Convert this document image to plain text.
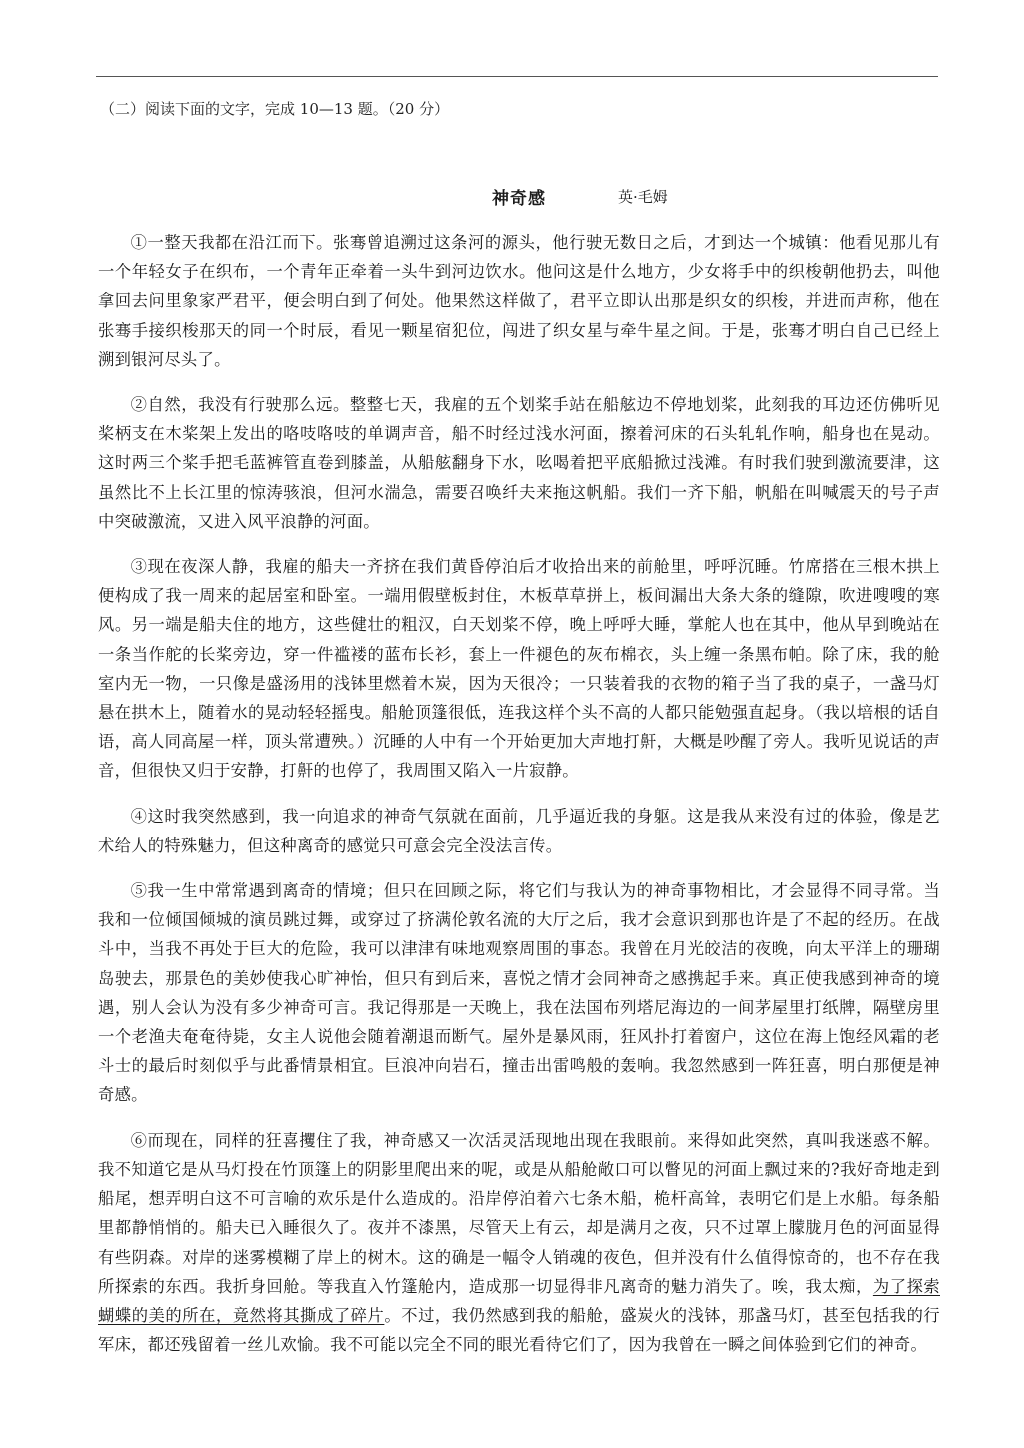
（二）阅读下面的文字，完成 10—13 题。（20 分）
神奇感	英·毛姆

①一整天我都在沿江而下。张骞曾追溯过这条河的源头，他行驶无数日之后，才到达一个城镇：他看见那儿有一个年轻女子在织布，一个青年正牵着一头牛到河边饮水。他问这是什么地方，少女将手中的织梭朝他扔去，叫他拿回去问里象家严君平，便会明白到了何处。他果然这样做了，君平立即认出那是织女的织梭，并进而声称，他在张骞手接织梭那天的同一个时辰，看见一颗星宿犯位，闯进了织女星与牵牛星之间。于是，张骞才明白自己已经上溯到银河尽头了。

②自然，我没有行驶那么远。整整七天，我雇的五个划桨手站在船舷边不停地划桨，此刻我的耳边还仿佛听见桨柄支在木桨架上发出的咯吱咯吱的单调声音，船不时经过浅水河面，擦着河床的石头轧轧作响，船身也在晃动。这时两三个桨手把毛蓝裤管直卷到膝盖，从船舷翻身下水，吆喝着把平底船掀过浅滩。有时我们驶到激流要津，这虽然比不上长江里的惊涛骇浪，但河水湍急，需要召唤纤夫来拖这帆船。我们一齐下船，帆船在叫喊震天的号子声中突破激流，又进入风平浪静的河面。

③现在夜深人静，我雇的船夫一齐挤在我们黄昏停泊后才收拾出来的前舱里，呼呼沉睡。竹席搭在三根木拱上便构成了我一周来的起居室和卧室。一端用假壁板封住，木板草草拼上，板间漏出大条大条的缝隙，吹进嗖嗖的寒风。另一端是船夫住的地方，这些健壮的粗汉，白天划桨不停，晚上呼呼大睡，掌舵人也在其中，他从早到晚站在一条当作舵的长桨旁边，穿一件褴褛的蓝布长衫，套上一件褪色的灰布棉衣，头上缠一条黑布帕。除了床，我的舱室内无一物，一只像是盛汤用的浅钵里燃着木炭，因为天很冷；一只装着我的衣物的箱子当了我的桌子，一盏马灯悬在拱木上，随着水的晃动轻轻摇曳。船舱顶篷很低，连我这样个头不高的人都只能勉强直起身。（我以培根的话自语，高人同高屋一样，顶头常遭殃。）沉睡的人中有一个开始更加大声地打鼾，大概是吵醒了旁人。我听见说话的声音，但很快又归于安静，打鼾的也停了，我周围又陷入一片寂静。

④这时我突然感到，我一向追求的神奇气氛就在面前，几乎逼近我的身躯。这是我从来没有过的体验，像是艺术给人的特殊魅力，但这种离奇的感觉只可意会完全没法言传。

⑤我一生中常常遇到离奇的情境；但只在回顾之际，将它们与我认为的神奇事物相比，才会显得不同寻常。当我和一位倾国倾城的演员跳过舞，或穿过了挤满伦敦名流的大厅之后，我才会意识到那也许是了不起的经历。在战斗中，当我不再处于巨大的危险，我可以津津有味地观察周围的事态。我曾在月光皎洁的夜晚，向太平洋上的珊瑚岛驶去，那景色的美妙使我心旷神怡，但只有到后来，喜悦之情才会同神奇之感携起手来。真正使我感到神奇的境遇，别人会认为没有多少神奇可言。我记得那是一天晚上，我在法国布列塔尼海边的一间茅屋里打纸牌，隔壁房里一个老渔夫奄奄待毙，女主人说他会随着潮退而断气。屋外是暴风雨，狂风扑打着窗户，这位在海上饱经风霜的老斗士的最后时刻似乎与此番情景相宜。巨浪冲向岩石，撞击出雷鸣般的轰响。我忽然感到一阵狂喜，明白那便是神奇感。

⑥而现在，同样的狂喜攫住了我，神奇感又一次活灵活现地出现在我眼前。来得如此突然，真叫我迷惑不解。我不知道它是从马灯投在竹顶篷上的阴影里爬出来的呢，或是从船舱敞口可以瞥见的河面上飘过来的?我好奇地走到船尾，想弄明白这不可言喻的欢乐是什么造成的。沿岸停泊着六七条木船，桅杆高耸，表明它们是上水船。每条船里都静悄悄的。船夫已入睡很久了。夜并不漆黑，尽管天上有云，却是满月之夜，只不过罩上朦胧月色的河面显得有些阴森。对岸的迷雾模糊了岸上的树木。这的确是一幅令人销魂的夜色，但并没有什么值得惊奇的，也不存在我所探索的东西。我折身回舱。等我直入竹篷舱内，造成那一切显得非凡离奇的魅力消失了。唉，我太痴，为了探索蝴蝶的美的所在，竟然将其撕成了碎片。不过，我仍然感到我的船舱，盛炭火的浅钵，那盏马灯，甚至包括我的行军床，都还残留着一丝儿欢愉。我不可能以完全不同的眼光看待它们了，因为我曾在一瞬之间体验到它们的神奇。
